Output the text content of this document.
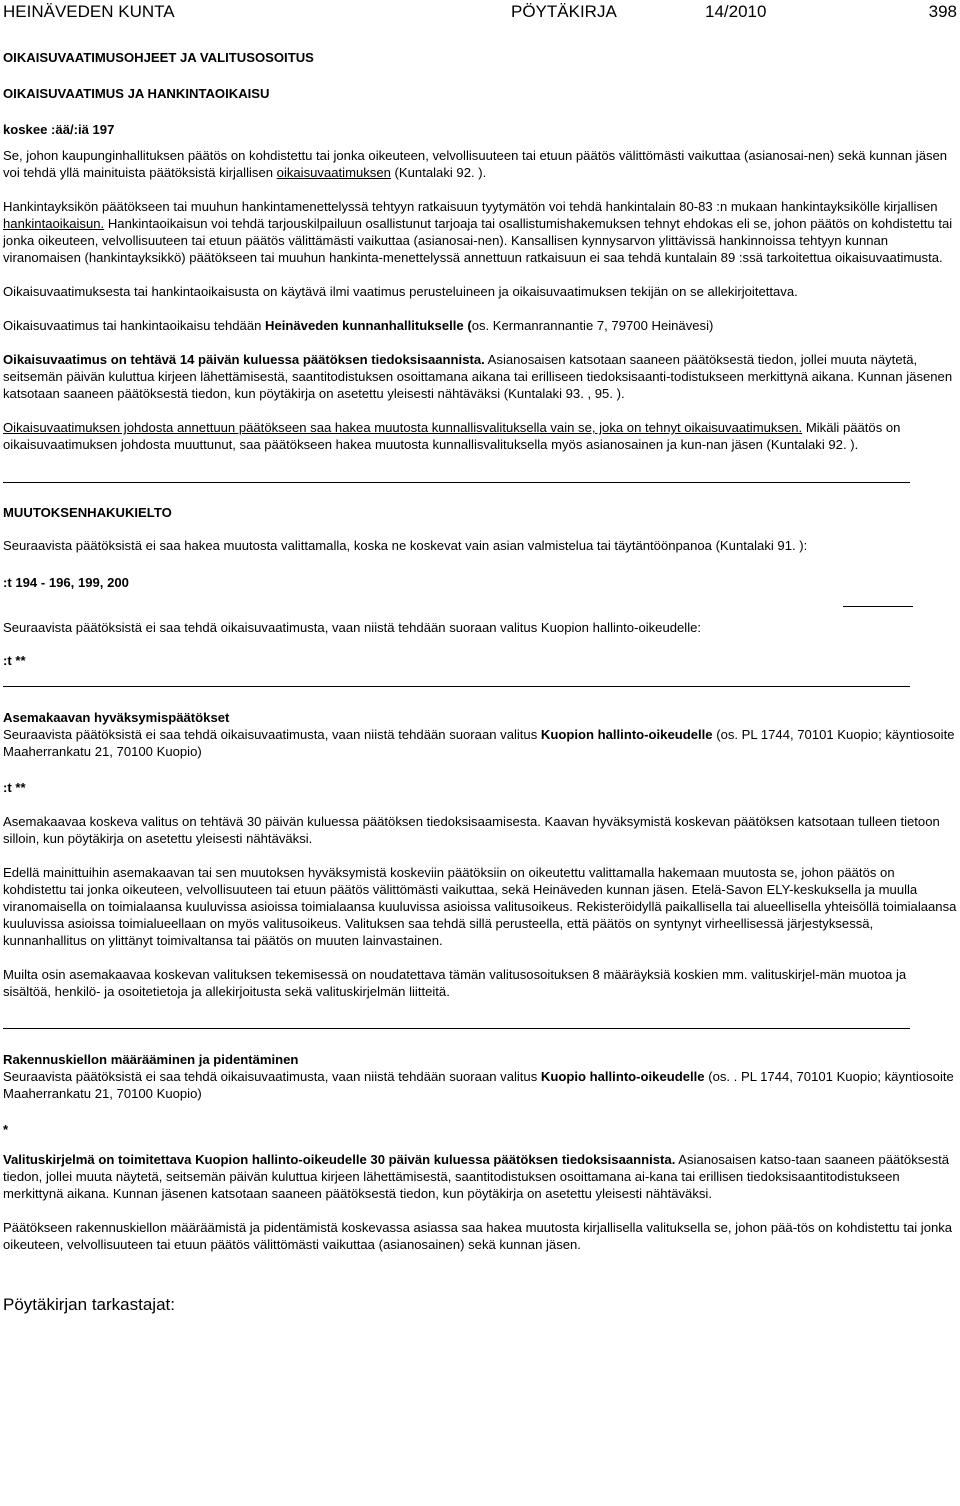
HEINÄVEDEN KUNTA	PÖYTÄKIRJA	14/2010	398

OIKAISUVAATIMUSOHJEET JA VALITUSOSOITUS

OIKAISUVAATIMUS JA HANKINTAOIKAISU

koskee :ää/:iä 197

Se, johon kaupunginhallituksen päätös on kohdistettu tai jonka oikeuteen, velvollisuuteen tai etuun päätös välittömästi vaikuttaa (asianosai-nen) sekä kunnan jäsen voi tehdä yllä mainituista päätöksistä kirjallisen oikaisuvaatimuksen (Kuntalaki 92. ).

Hankintayksikön päätökseen tai muuhun hankintamenettelyssä tehtyyn ratkaisuun tyytymätön voi tehdä hankintalain 80-83 :n mukaan hankintayksikölle kirjallisen hankintaoikaisun. Hankintaoikaisun voi tehdä tarjouskilpailuun osallistunut tarjoaja tai osallistumishakemuksen tehnyt ehdokas eli se, johon päätös on kohdistettu tai jonka oikeuteen, velvollisuuteen tai etuun päätös välittämästi vaikuttaa (asianosai-nen). Kansallisen kynnysarvon ylittävissä hankinnoissa tehtyyn kunnan viranomaisen (hankintayksikkö) päätökseen tai muuhun hankinta-menettelyssä annettuun ratkaisuun ei saa tehdä kuntalain 89 :ssä tarkoitettua oikaisuvaatimusta.

Oikaisuvaatimuksesta tai hankintaoikaisusta on käytävä ilmi vaatimus perusteluineen ja oikaisuvaatimuksen tekijän on se allekirjoitettava.

Oikaisuvaatimus tai hankintaoikaisu tehdään Heinäveden kunnanhallitukselle (os. Kermanrannantie 7, 79700 Heinävesi)

Oikaisuvaatimus on tehtävä 14 päivän kuluessa päätöksen tiedoksisaannista. Asianosaisen katsotaan saaneen päätöksestä tiedon, jollei muuta näytetä, seitsemän päivän kuluttua kirjeen lähettämisestä, saantitodistuksen osoittamana aikana tai erilliseen tiedoksisaanti-todistukseen merkittynä aikana. Kunnan jäsenen katsotaan saaneen päätöksestä tiedon, kun pöytäkirja on asetettu yleisesti nähtäväksi (Kuntalaki 93. , 95. ).

Oikaisuvaatimuksen johdosta annettuun päätökseen saa hakea muutosta kunnallisvalituksella vain se, joka on tehnyt oikaisuvaatimuksen. Mikäli päätös on oikaisuvaatimuksen johdosta muuttunut, saa päätökseen hakea muutosta kunnallisvalituksella myös asianosainen ja kun-nan jäsen (Kuntalaki 92. ).

MUUTOKSENHAKUKIELTO

Seuraavista päätöksistä ei saa hakea muutosta valittamalla, koska ne koskevat vain asian valmistelua tai täytäntöönpanoa (Kuntalaki 91. ):

:t 194 - 196, 199, 200

Seuraavista päätöksistä ei saa tehdä oikaisuvaatimusta, vaan niistä tehdään suoraan valitus Kuopion hallinto-oikeudelle:

:t **

Asemakaavan hyväksymispäätökset

Seuraavista päätöksistä ei saa tehdä oikaisuvaatimusta, vaan niistä tehdään suoraan valitus Kuopion hallinto-oikeudelle (os. PL 1744, 70101 Kuopio; käyntiosoite Maaherrankatu 21, 70100 Kuopio)

:t **

Asemakaavaa koskeva valitus on tehtävä 30 päivän kuluessa päätöksen tiedoksisaamisesta. Kaavan hyväksymistä koskevan päätöksen katsotaan tulleen tietoon silloin, kun pöytäkirja on asetettu yleisesti nähtäväksi.

Edellä mainittuihin asemakaavan tai sen muutoksen hyväksymistä koskeviin päätöksiin on oikeutettu valittamalla hakemaan muutosta se, johon päätös on kohdistettu tai jonka oikeuteen, velvollisuuteen tai etuun päätös välittömästi vaikuttaa, sekä Heinäveden kunnan jäsen. Etelä-Savon ELY-keskuksella ja muulla viranomaisella on toimialaansa kuuluvissa asioissa toimialaansa kuuluvissa asioissa valitusoikeus. Rekisteröidyllä paikallisella tai alueellisella yhteisöllä toimialaansa kuuluvissa asioissa toimialueellaan on myös valitusoikeus. Valituksen saa tehdä sillä perusteella, että päätös on syntynyt virheellisessä järjestyksessä, kunnanhallitus on ylittänyt toimivaltansa tai päätös on muuten lainvastainen.

Muilta osin asemakaavaa koskevan valituksen tekemisessä on noudatettava tämän valitusosoituksen 8 määräyksiä koskien mm. valituskirjel-män muotoa ja sisältöä, henkilö- ja osoitetietoja ja allekirjoitusta sekä valituskirjelmän liitteitä.

Rakennuskiellon määrääminen ja pidentäminen

Seuraavista päätöksistä ei saa tehdä oikaisuvaatimusta, vaan niistä tehdään suoraan valitus Kuopio hallinto-oikeudelle (os. . PL 1744, 70101 Kuopio; käyntiosoite Maaherrankatu 21, 70100 Kuopio)

*

Valituskirjelmä on toimitettava Kuopion hallinto-oikeudelle 30 päivän kuluessa päätöksen tiedoksisaannista. Asianosaisen katso-taan saaneen päätöksestä tiedon, jollei muuta näytetä, seitsemän päivän kuluttua kirjeen lähettämisestä, saantitodistuksen osoittamana ai-kana tai erillisen tiedoksisaantitodistukseen merkittynä aikana. Kunnan jäsenen katsotaan saaneen päätöksestä tiedon, kun pöytäkirja on asetettu yleisesti nähtäväksi.

Päätökseen rakennuskiellon määräämistä ja pidentämistä koskevassa asiassa saa hakea muutosta kirjallisella valituksella se, johon pää-tös on kohdistettu tai jonka oikeuteen, velvollisuuteen tai etuun päätös välittömästi vaikuttaa (asianosainen) sekä kunnan jäsen.

Pöytäkirjan tarkastajat:
